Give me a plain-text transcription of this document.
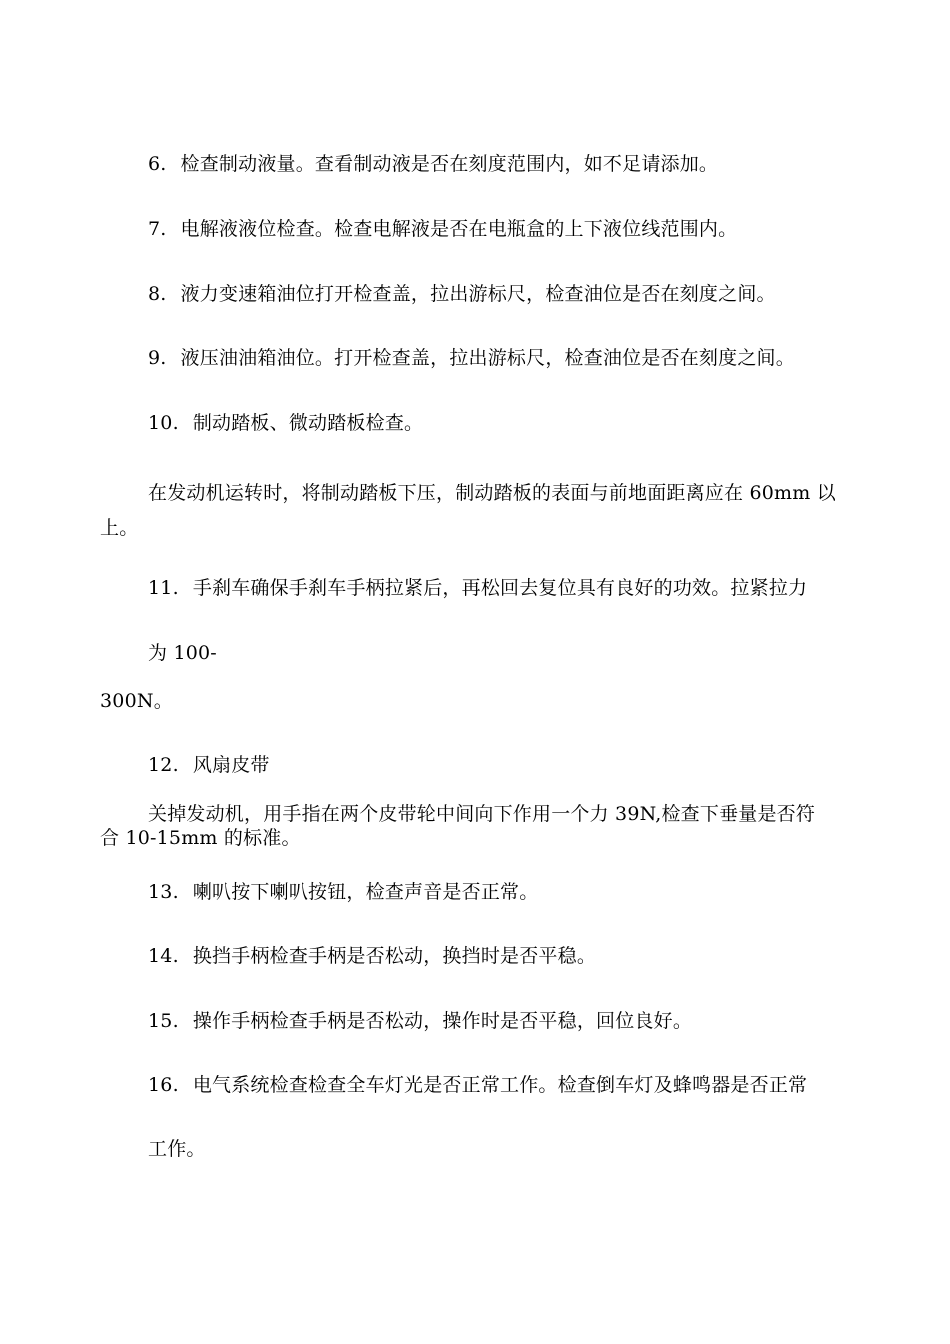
6. 检查制动液量。查看制动液是否在刻度范围内，如不足请添加。
7. 电解液液位检查。检查电解液是否在电瓶盒的上下液位线范围内。
8. 液力变速箱油位打开检查盖，拉出游标尺，检查油位是否在刻度之间。
9. 液压油油箱油位。打开检查盖，拉出游标尺，检查油位是否在刻度之间。
10. 制动踏板、微动踏板检查。
在发动机运转时，将制动踏板下压，制动踏板的表面与前地面距离应在 60mm 以
上。
11. 手刹车确保手刹车手柄拉紧后，再松回去复位具有良好的功效。拉紧拉力
为 100-
300N。
12. 风扇皮带
关掉发动机，用手指在两个皮带轮中间向下作用一个力 39N,检查下垂量是否符
合 10-15mm 的标准。
13. 喇叭按下喇叭按钮，检查声音是否正常。
14. 换挡手柄检查手柄是否松动，换挡时是否平稳。
15. 操作手柄检查手柄是否松动，操作时是否平稳，回位良好。
16. 电气系统检查检查全车灯光是否正常工作。检查倒车灯及蜂鸣器是否正常
工作。
